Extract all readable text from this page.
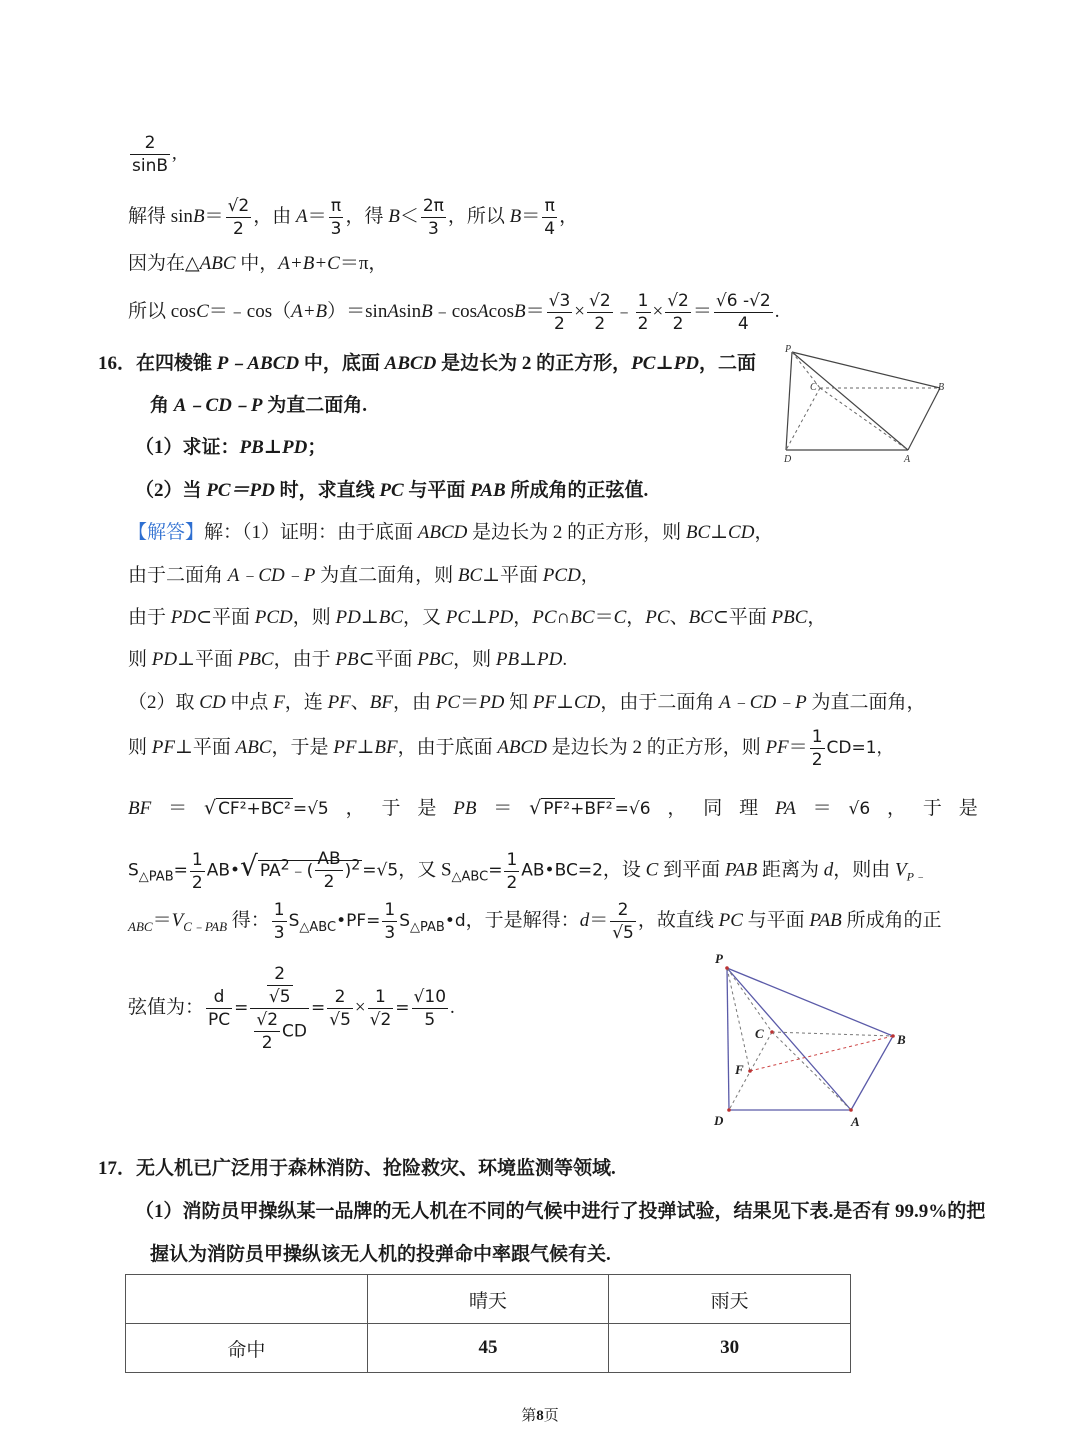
$\frac{2}{\sin B}$ ,
解得 $\sin B= \frac{√2}{2}$ ，由 $A= \frac{\pi}{3}$ ，得 $B< \frac{2\pi}{3}$ ，所以 $B= \frac{\pi}{4}$ ，
因为在△ABC 中，A+B+C＝π，
所以 cosC＝﹣cos（A+B）＝sinAsinB﹣cosAcosB＝ $\frac{√3}{2} \times \frac{√2}{2}$ ﹣ $\frac{1}{2} \times \frac{√2}{2} = \frac{√6 -√2}{4}$ .
16．在四棱锥 P﹣ABCD 中，底面 ABCD 是边长为 2 的正方形，PC⊥PD，二面
角 A﹣CD﹣P 为直二面角.
（1）求证：PB⊥PD；
（2）当 PC＝PD 时，求直线 PC 与平面 PAB 所成角的正弦值.
P
C	B
D	A
【解答】解：（1）证明：由于底面 ABCD 是边长为 2 的正方形，则 BC⊥CD，
由于二面角 A﹣CD﹣P 为直二面角，则 BC⊥平面 PCD，
由于 PD⊂平面 PCD，则 PD⊥BC，又 PC⊥PD，PC∩BC＝C，PC、BC⊂平面 PBC，
则 PD⊥平面 PBC，由于 PB⊂平面 PBC，则 PB⊥PD.
（2）取 CD 中点 F，连 PF、BF，由 PC＝PD 知 PF⊥CD，由于二面角 A﹣CD﹣P 为直二面角，
则 PF⊥平面 ABC，于是 PF⊥BF，由于底面 ABCD 是边长为 2 的正方形，则 $PF= \frac{1}{2} CD=1$，
BF ＝ √ CF²+BC² =√5 ， 于 是 PB ＝ √ PF²+BF² =√6 ， 同 理 PA ＝ √6 ， 于 是
$S_{\triangle PAB}= \frac{1}{2}$ AB•√ $PA^2﹣( \frac{AB}{2} )^2 =√5$，又 $S_{\triangle ABC}= \frac{1}{2}$ AB•BC=2，设 C 到平面 PAB 距离为 d，则由 $V_{P﹣}$
$_{ABC}=V_{C﹣PAB}$ 得： $\frac{1}{3}$ $S_{\triangle ABC}•PF= \frac{1}{3}$ $S_{\triangle PAB}•d$，于是解得：$d= \frac{2}{√5}$ ，故直线 PC 与平面 PAB 所成角的正
弦值为： $\frac{d}{PC} = \frac{\frac{2}{√5}}{\frac{√2}{2} CD} = \frac{2}{√5} \times \frac{1}{√2} = \frac{√10}{5}$ .
P
C	B
F
D	A
17．无人机已广泛用于森林消防、抢险救灾、环境监测等领域.
（1）消防员甲操纵某一品牌的无人机在不同的气候中进行了投弹试验，结果见下表.是否有 99.9%的把
握认为消防员甲操纵该无人机的投弹命中率跟气候有关.
	晴天	雨天
命中	45	30
第8页
